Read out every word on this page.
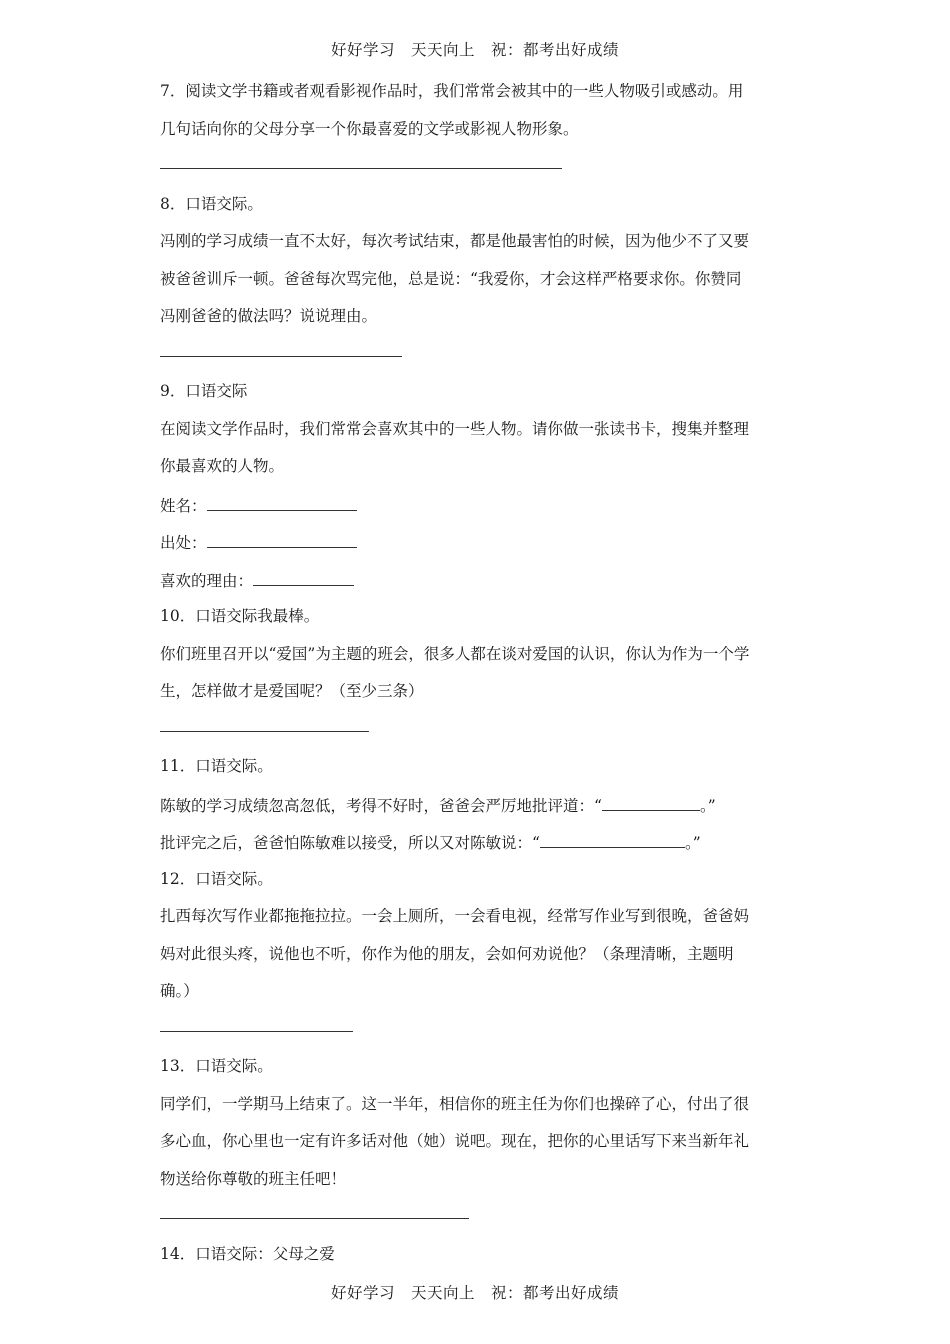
好好学习　天天向上　祝：都考出好成绩
7．阅读文学书籍或者观看影视作品时，我们常常会被其中的一些人物吸引或感动。用
几句话向你的父母分享一个你最喜爱的文学或影视人物形象。
8．口语交际。
冯刚的学习成绩一直不太好，每次考试结束，都是他最害怕的时候，因为他少不了又要
被爸爸训斥一顿。爸爸每次骂完他，总是说：“我爱你，才会这样严格要求你。你赞同
冯刚爸爸的做法吗？说说理由。
9．口语交际
在阅读文学作品时，我们常常会喜欢其中的一些人物。请你做一张读书卡，搜集并整理
你最喜欢的人物。
姓名：
出处：
喜欢的理由：
10．口语交际我最棒。
你们班里召开以“爱国”为主题的班会，很多人都在谈对爱国的认识，你认为作为一个学
生，怎样做才是爱国呢？（至少三条）
11．口语交际。
陈敏的学习成绩忽高忽低，考得不好时，爸爸会严厉地批评道：“	。”
批评完之后，爸爸怕陈敏难以接受，所以又对陈敏说：“	。”
12．口语交际。
扎西每次写作业都拖拖拉拉。一会上厕所，一会看电视，经常写作业写到很晚，爸爸妈
妈对此很头疼，说他也不听，你作为他的朋友，会如何劝说他？（条理清晰，主题明
确。）
13．口语交际。
同学们，一学期马上结束了。这一半年，相信你的班主任为你们也操碎了心，付出了很
多心血，你心里也一定有许多话对他（她）说吧。现在，把你的心里话写下来当新年礼
物送给你尊敬的班主任吧！
14．口语交际：父母之爱
好好学习　天天向上　祝：都考出好成绩
